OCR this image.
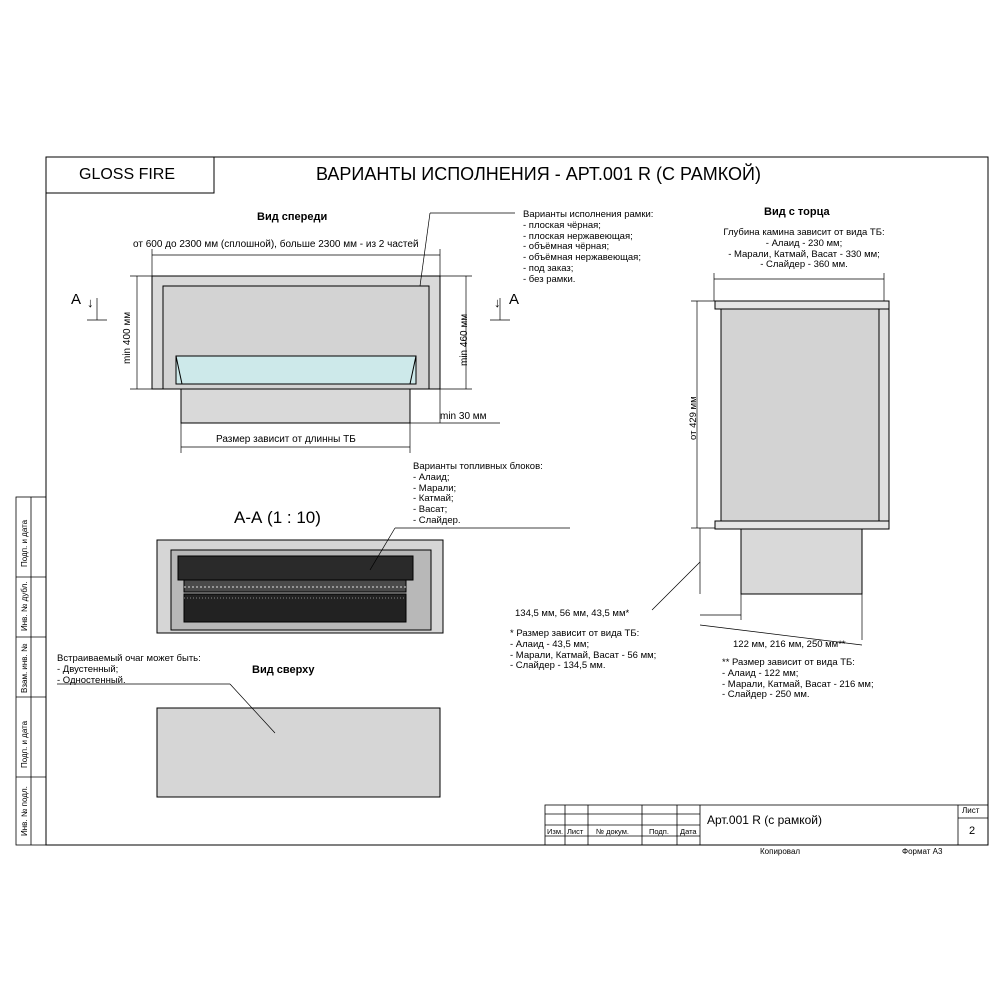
GLOSS FIRE	ВАРИАНТЫ ИСПОЛНЕНИЯ - АРТ.001 R (С РАМКОЙ)
Вид спереди
от 600 до 2300 мм (сплошной), больше 2300 мм - из 2 частей
min 400 мм	min 460 мм
min 30 мм
Размер зависит от длинны ТБ
A ↓	A
↓
Варианты исполнения рамки:
- плоская чёрная;
- плоская нержавеющая;
- объёмная чёрная;
- объёмная нержавеющая;
- под заказ;
- без рамки.
Вид с торца
Глубина камина зависит от вида ТБ:
- Алаид - 230 мм;
- Марали, Катмай, Васат - 330 мм;
- Слайдер - 360 мм.
от 429 мм
122 мм, 216 мм, 250 мм**
** Размер зависит от вида ТБ:
- Алаид - 122 мм;
- Марали, Катмай, Васат - 216 мм;
- Слайдер - 250 мм.
А-А (1 : 10)
Варианты топливных блоков:
- Алаид;
- Марали;
- Катмай;
- Васат;
- Слайдер.
134,5 мм, 56 мм, 43,5 мм*
* Размер зависит от вида ТБ:
- Алаид - 43,5 мм;
- Марали, Катмай, Васат - 56 мм;
- Слайдер - 134,5 мм.
Вид сверху
Встраиваемый очаг может быть:
- Двустенный;
- Одностенный.
Арт.001 R (с рамкой)
Лист
2
Изм. Лист № докум.	Подп. Дата
Копировал	Формат А3
Подп. и дата
Инв. № дубл.
Взам. инв. №
Подп. и дата
Инв. № подл.
